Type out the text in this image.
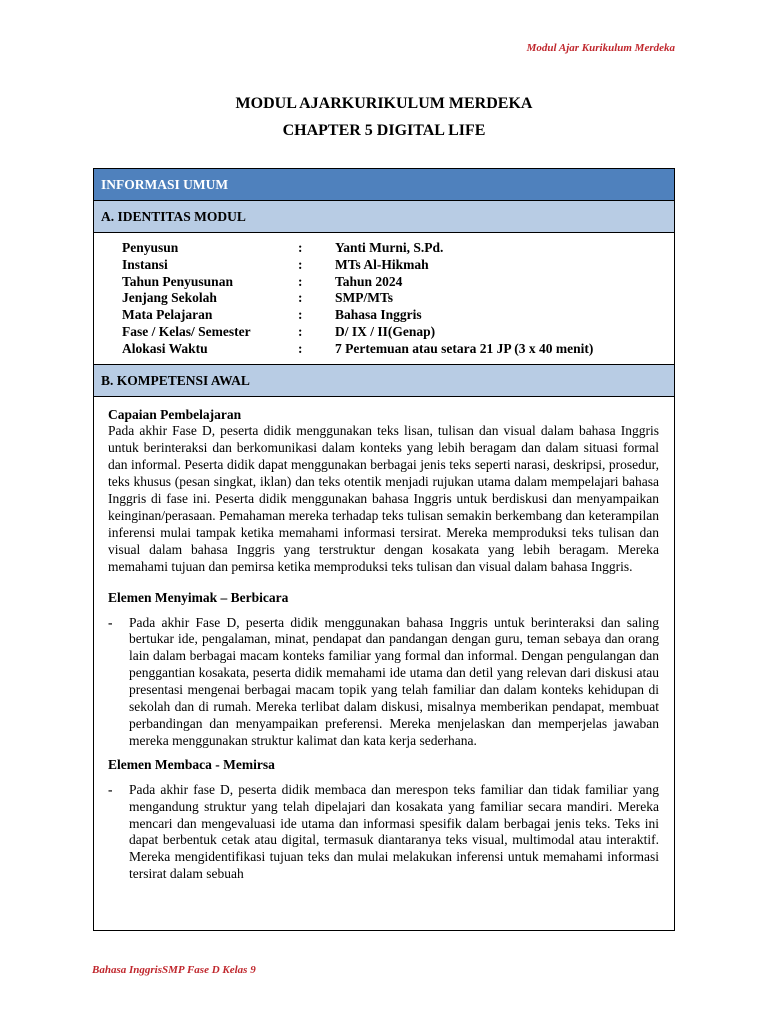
Modul Ajar Kurikulum Merdeka
MODUL AJARKURIKULUM MERDEKA
CHAPTER 5 DIGITAL LIFE
INFORMASI UMUM
A. IDENTITAS MODUL
Penyusun	:	Yanti Murni, S.Pd.
Instansi	:	MTs Al-Hikmah
Tahun Penyusunan	:	Tahun 2024
Jenjang Sekolah	:	SMP/MTs
Mata Pelajaran	:	Bahasa Inggris
Fase / Kelas/ Semester	:	D/ IX / II(Genap)
Alokasi Waktu	:	7 Pertemuan atau setara 21 JP (3 x 40 menit)
B. KOMPETENSI AWAL
Capaian Pembelajaran
Pada akhir Fase D, peserta didik menggunakan teks lisan, tulisan dan visual dalam bahasa Inggris untuk berinteraksi dan berkomunikasi dalam konteks yang lebih beragam dan dalam situasi formal dan informal. Peserta didik dapat menggunakan berbagai jenis teks seperti narasi, deskripsi, prosedur, teks khusus (pesan singkat, iklan) dan teks otentik menjadi rujukan utama dalam mempelajari bahasa Inggris di fase ini. Peserta didik menggunakan bahasa Inggris untuk berdiskusi dan menyampaikan keinginan/perasaan. Pemahaman mereka terhadap teks tulisan semakin berkembang dan keterampilan inferensi mulai tampak ketika memahami informasi tersirat. Mereka memproduksi teks tulisan dan visual dalam bahasa Inggris yang terstruktur dengan kosakata yang lebih beragam. Mereka memahami tujuan dan pemirsa ketika memproduksi teks tulisan dan visual dalam bahasa Inggris.
Elemen Menyimak – Berbicara
-	Pada akhir Fase D, peserta didik menggunakan bahasa Inggris untuk berinteraksi dan saling bertukar ide, pengalaman, minat, pendapat dan pandangan dengan guru, teman sebaya dan orang lain dalam berbagai macam konteks familiar yang formal dan informal. Dengan pengulangan dan penggantian kosakata, peserta didik memahami ide utama dan detil yang relevan dari diskusi atau presentasi mengenai berbagai macam topik yang telah familiar dan dalam konteks kehidupan di sekolah dan di rumah. Mereka terlibat dalam diskusi, misalnya memberikan pendapat, membuat perbandingan dan menyampaikan preferensi. Mereka menjelaskan dan memperjelas jawaban mereka menggunakan struktur kalimat dan kata kerja sederhana.
Elemen Membaca - Memirsa
-	Pada akhir fase D, peserta didik membaca dan merespon teks familiar dan tidak familiar yang mengandung struktur yang telah dipelajari dan kosakata yang familiar secara mandiri. Mereka mencari dan mengevaluasi ide utama dan informasi spesifik dalam berbagai jenis teks. Teks ini dapat berbentuk cetak atau digital, termasuk diantaranya teks visual, multimodal atau interaktif. Mereka mengidentifikasi tujuan teks dan mulai melakukan inferensi untuk memahami informasi tersirat dalam sebuah
Bahasa InggrisSMP Fase D Kelas 9
